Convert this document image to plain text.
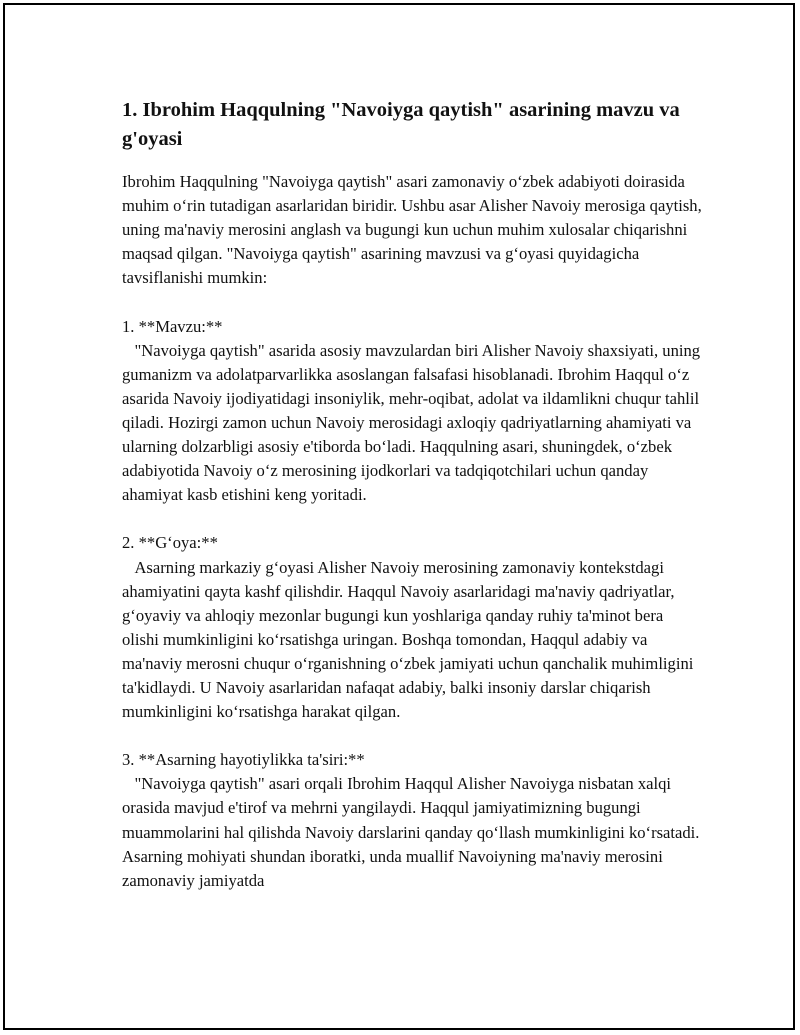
1. Ibrohim Haqqulning "Navoiyga qaytish" asarining mavzu va g'oyasi

Ibrohim Haqqulning "Navoiyga qaytish" asari zamonaviy o‘zbek adabiyoti doirasida muhim o‘rin tutadigan asarlaridan biridir. Ushbu asar Alisher Navoiy merosiga qaytish, uning ma'naviy merosini anglash va bugungi kun uchun muhim xulosalar chiqarishni maqsad qilgan. "Navoiyga qaytish" asarining mavzusi va g‘oyasi quyidagicha tavsiflanishi mumkin:

1. **Mavzu:**

"Navoiyga qaytish" asarida asosiy mavzulardan biri Alisher Navoiy shaxsiyati, uning gumanizm va adolatparvarlikka asoslangan falsafasi hisoblanadi. Ibrohim Haqqul o‘z asarida Navoiy ijodiyatidagi insoniylik, mehr-oqibat, adolat va ildamlikni chuqur tahlil qiladi. Hozirgi zamon uchun Navoiy merosidagi axloqiy qadriyatlarning ahamiyati va ularning dolzarbligi asosiy e'tiborda bo‘ladi. Haqqulning asari, shuningdek, o‘zbek adabiyotida Navoiy o‘z merosining ijodkorlari va tadqiqotchilari uchun qanday ahamiyat kasb etishini keng yoritadi.

2. **G‘oya:**

Asarning markaziy g‘oyasi Alisher Navoiy merosining zamonaviy kontekstdagi ahamiyatini qayta kashf qilishdir. Haqqul Navoiy asarlaridagi ma'naviy qadriyatlar, g‘oyaviy va ahloqiy mezonlar bugungi kun yoshlariga qanday ruhiy ta'minot bera olishi mumkinligini ko‘rsatishga uringan. Boshqa tomondan, Haqqul adabiy va ma'naviy merosni chuqur o‘rganishning o‘zbek jamiyati uchun qanchalik muhimligini ta'kidlaydi. U Navoiy asarlaridan nafaqat adabiy, balki insoniy darslar chiqarish mumkinligini ko‘rsatishga harakat qilgan.

3. **Asarning hayotiylikka ta'siri:**

"Navoiyga qaytish" asari orqali Ibrohim Haqqul Alisher Navoiyga nisbatan xalqi orasida mavjud e'tirof va mehrni yangilaydi. Haqqul jamiyatimizning bugungi muammolarini hal qilishda Navoiy darslarini qanday qo‘llash mumkinligini ko‘rsatadi. Asarning mohiyati shundan iboratki, unda muallif Navoiyning ma'naviy merosini zamonaviy jamiyatda
